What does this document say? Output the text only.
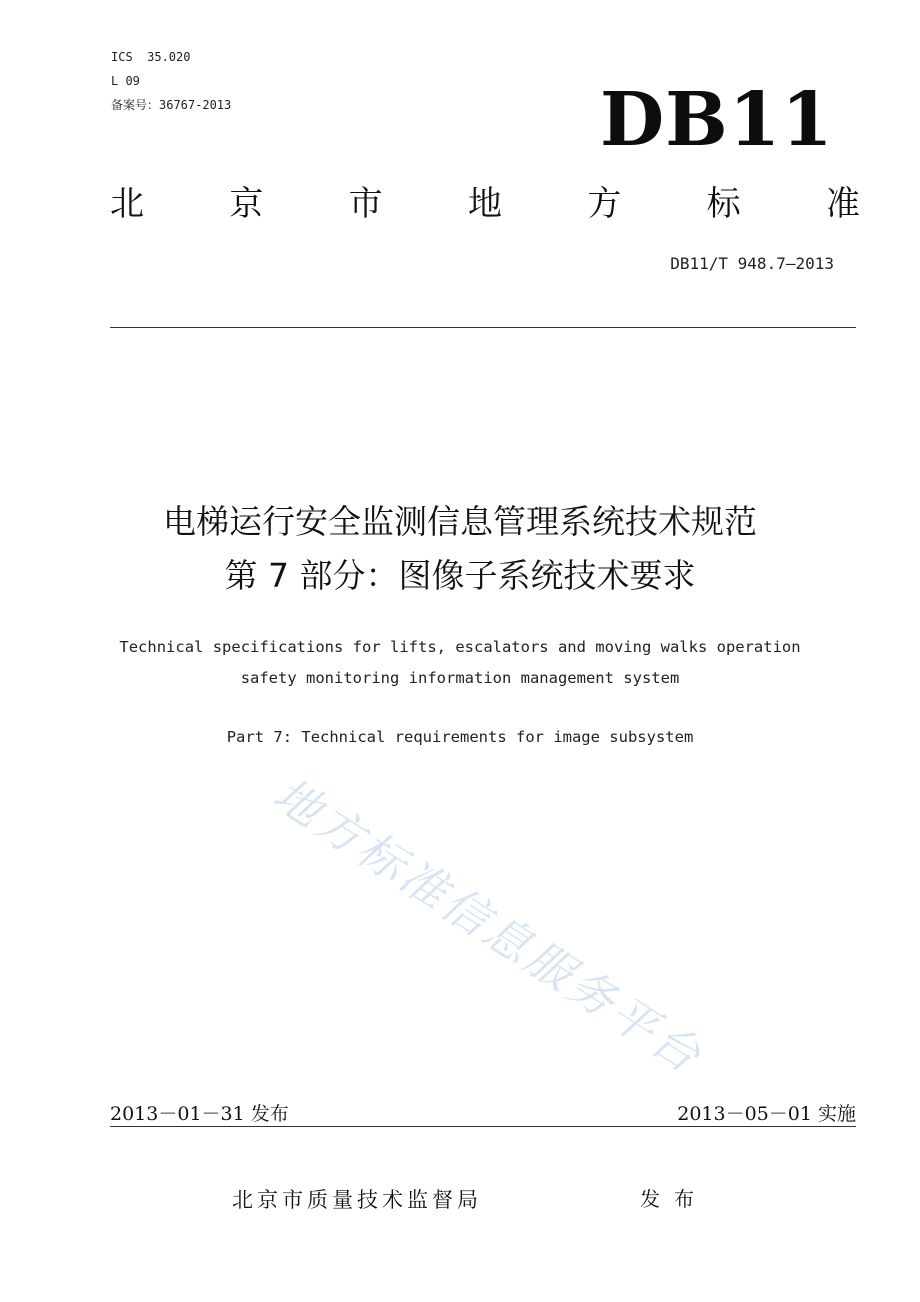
ICS  35.020
L 09
备案号：36767-2013	DB11
北	京	市	地	方	标	准
DB11/T 948.7—2013
电梯运行安全监测信息管理系统技术规范
第 7 部分：图像子系统技术要求
Technical specifications for lifts, escalators and moving walks operation
safety monitoring information management system
Part 7: Technical requirements for image subsystem
地方标准信息服务平台
2013－01－31 发布	2013－05－01 实施
北京市质量技术监督局	发布
